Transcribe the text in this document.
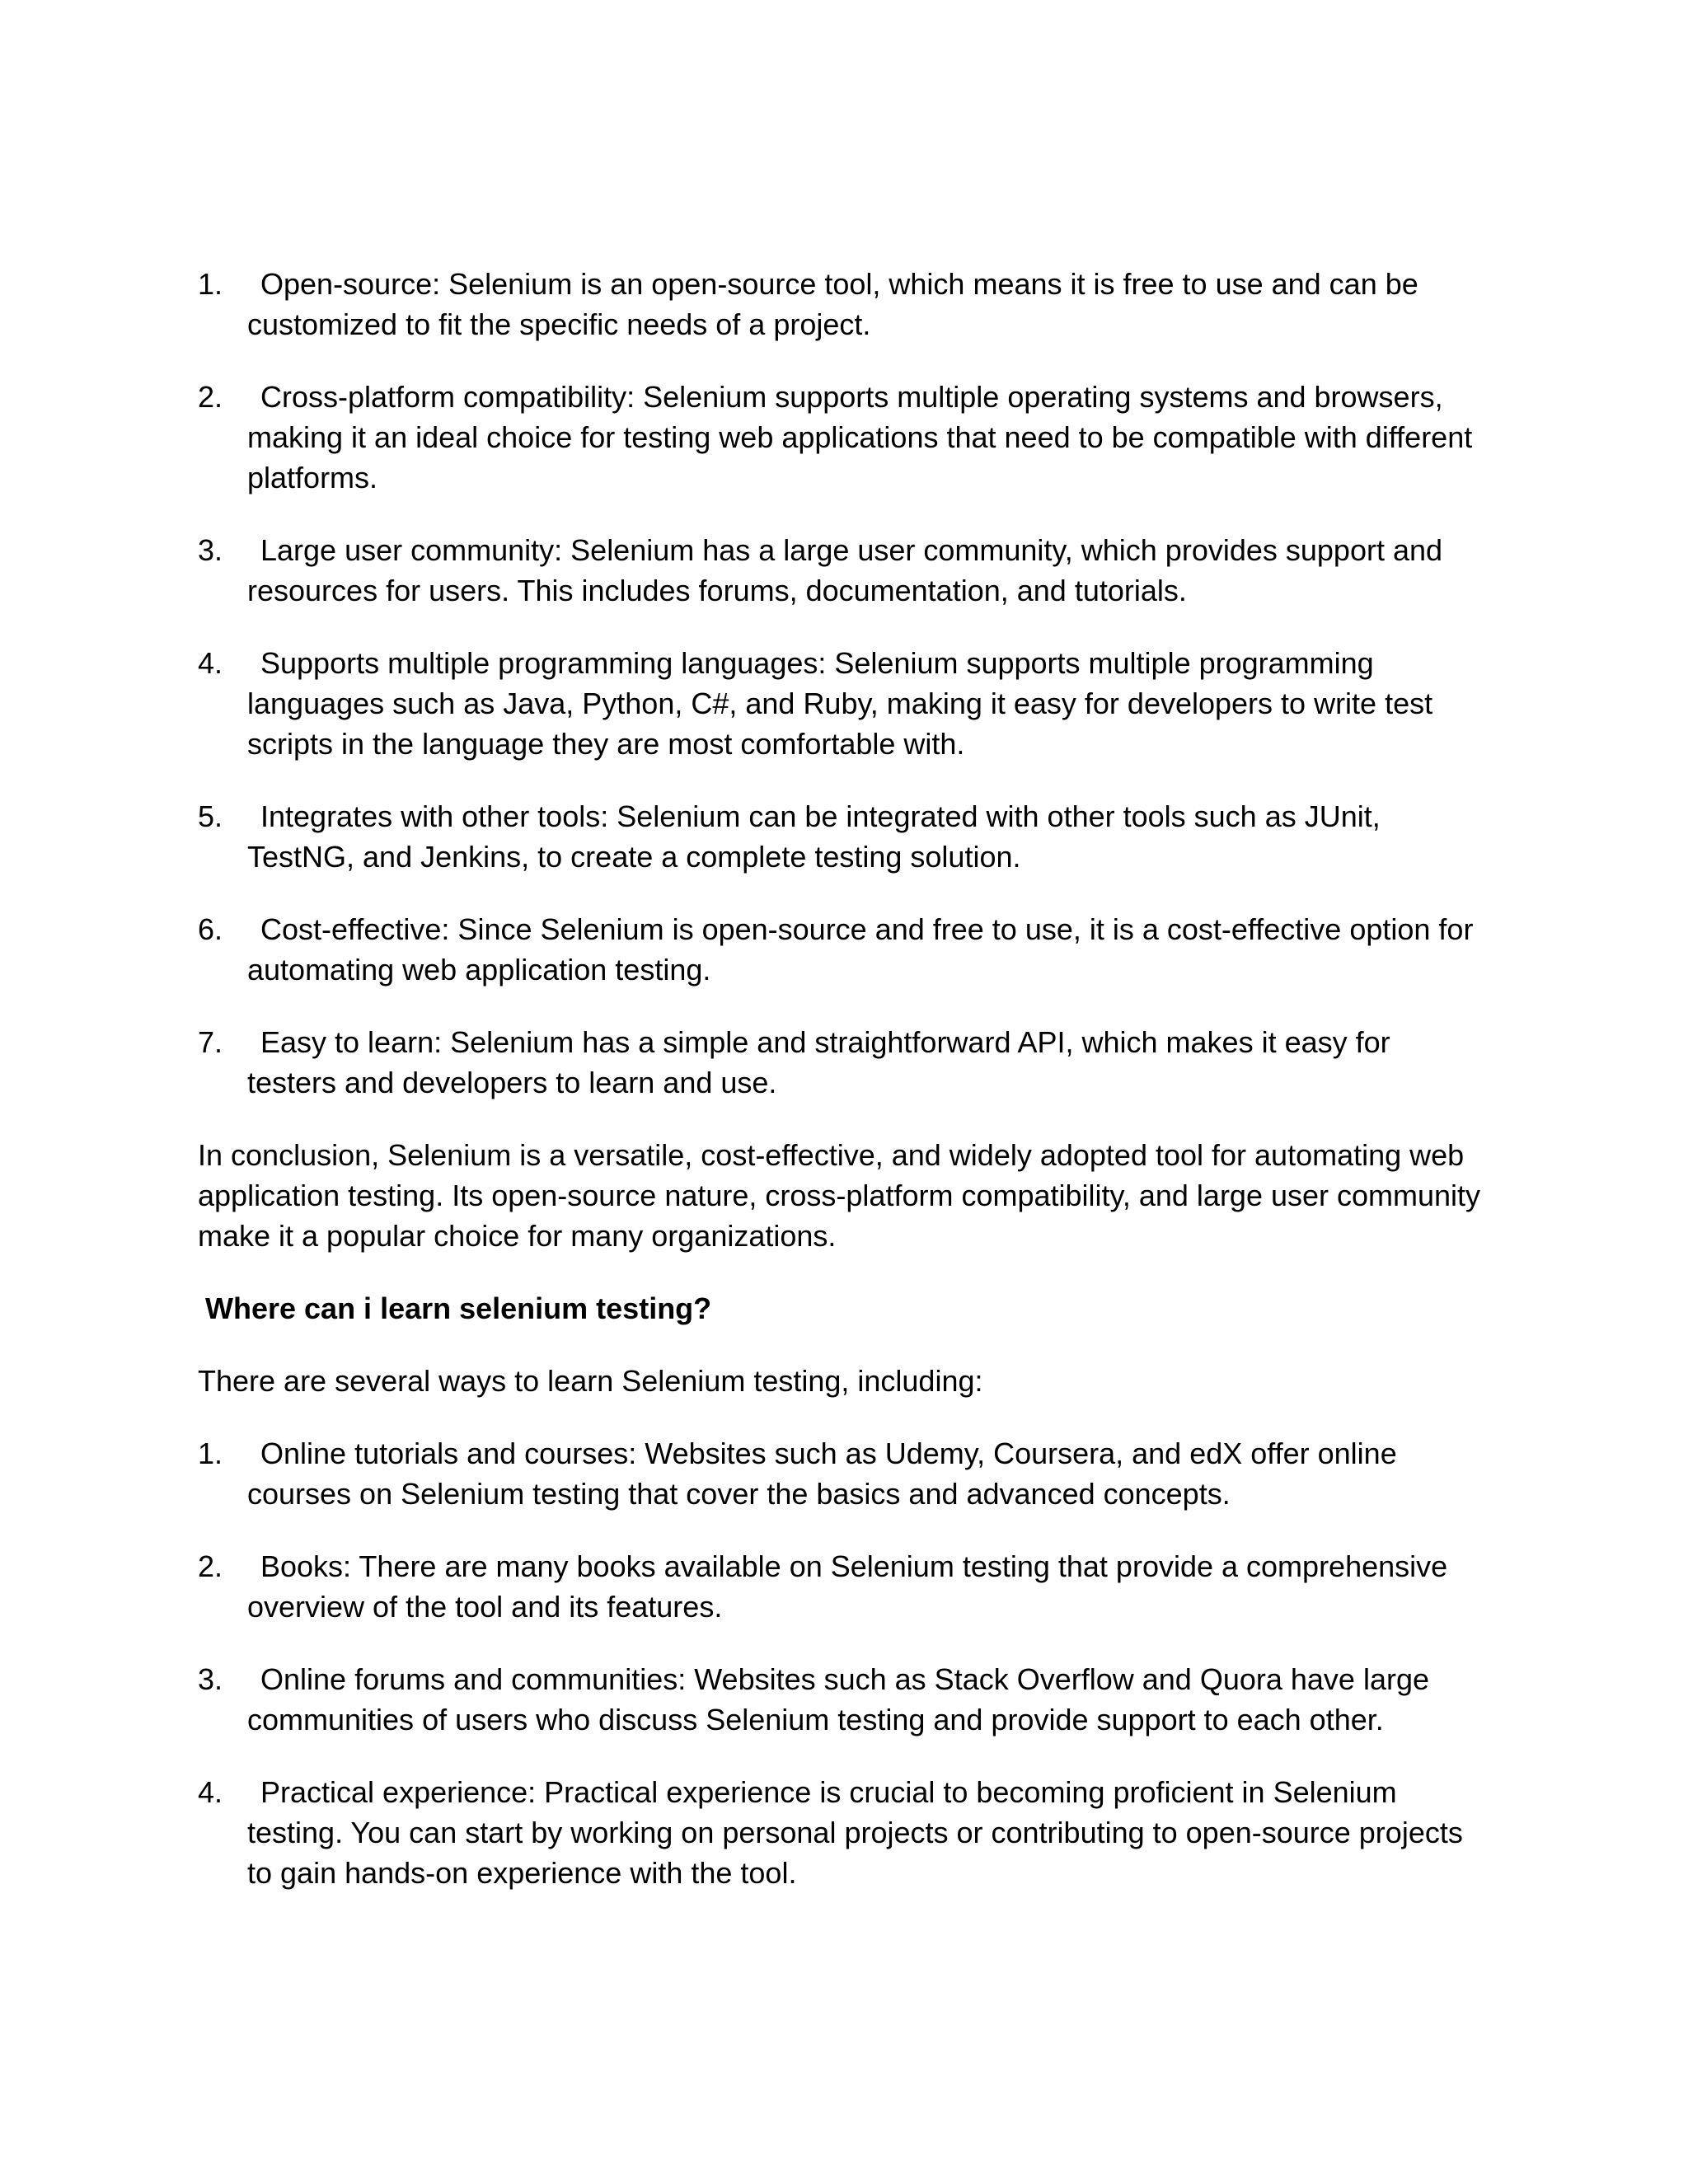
1.	Open-source: Selenium is an open-source tool, which means it is free to use and can be customized to fit the specific needs of a project.
2.	Cross-platform compatibility: Selenium supports multiple operating systems and browsers, making it an ideal choice for testing web applications that need to be compatible with different platforms.
3.	Large user community: Selenium has a large user community, which provides support and resources for users. This includes forums, documentation, and tutorials.
4.	Supports multiple programming languages: Selenium supports multiple programming languages such as Java, Python, C#, and Ruby, making it easy for developers to write test scripts in the language they are most comfortable with.
5.	Integrates with other tools: Selenium can be integrated with other tools such as JUnit, TestNG, and Jenkins, to create a complete testing solution.
6.	Cost-effective: Since Selenium is open-source and free to use, it is a cost-effective option for automating web application testing.
7.	Easy to learn: Selenium has a simple and straightforward API, which makes it easy for testers and developers to learn and use.

In conclusion, Selenium is a versatile, cost-effective, and widely adopted tool for automating web application testing. Its open-source nature, cross-platform compatibility, and large user community make it a popular choice for many organizations.

Where can i learn selenium testing?

There are several ways to learn Selenium testing, including:

1.	Online tutorials and courses: Websites such as Udemy, Coursera, and edX offer online courses on Selenium testing that cover the basics and advanced concepts.
2.	Books: There are many books available on Selenium testing that provide a comprehensive overview of the tool and its features.
3.	Online forums and communities: Websites such as Stack Overflow and Quora have large communities of users who discuss Selenium testing and provide support to each other.
4.	Practical experience: Practical experience is crucial to becoming proficient in Selenium testing. You can start by working on personal projects or contributing to open-source projects to gain hands-on experience with the tool.
